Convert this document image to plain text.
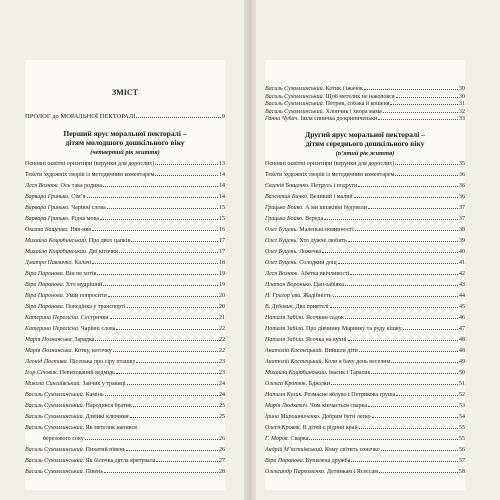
ЗМІСТ
ПРОЛОГ до МОРАЛЬНОЇ ПЕКТОРАЛІ	9
Перший ярус моральної пекторалі –
дітям молодшого дошкільного віку
(четвертий рік життя)
Основні освітні орієнтири (керунки для дорослих)	13
Тексти художніх творів із методичним коментарем	14
Леся Вознюк. Ось така родина	14
Варвара Гринько. Сім’я	14
Варвара Гринько. Чарівні слова	15
Варвара Гринько. Рідна мова	15
Оксана Бащенко. Няв-няв	16
Михайло Коцюбинський. Про двох цапків	17
Михайло Коцюбинський. Дві кіточки	17
Дмитро Павличко. Калачі	18
Віра Паронова. Він не хотів	19
Віра Паронова. Хто мудріший	19
Віра Паронова. Умій попросити	20
Віра Паронова. Поведінка у транспорті	20
Катерина Перелісна. Сестрички	21
Катерина Перелісна. Чарівні слова	22
Марія Познанська. Зарядка	22
Марія Познанська. Котку, коточку	22
Леонід Полтава. Пісенька про сіру пташку	23
Ігор Січовик. Невихований ведмідь	23
Микола Сингаївський. Зайчик у травиці	24
Василь Сухомлинський. Камінь	24
Василь Сухомлинський. Народився братик	25
Василь Сухомлинський. Дзвінкі ключики	25
Василь Сухомлинський. Як метелик напився
березового соку	26
Василь Сухомлинський. Пихатий півень	26
Василь Сухомлинський. Як білочка дятла врятувала	27
Василь Сухомлинський. Півень	28
Василь Сухомлинський. Котик і їжачок	30
Василь Сухомлинський. Щоб метелик не наколовся	30
Василь Сухомлинський. Петрик, собака й кошеня	31
Василь Сухомлинський. Хлопчик і хвора мама	32
Ганна Чубач. Ішла синичка до криниченьки	33
Другий ярус моральної пекторалі –
дітям середнього дошкільного віку
(п’ятий рік життя)
Основні освітні орієнтири (керунки для дорослих)	35
Тексти художніх творів із методичним коментарем	36
Євгенія Бащенко. Петрусь і подруги	36
Валентин Бичко. Великий і малий	36
Грицько Бойко. А ми шпаківні будували	37
Грицько Бойко. Вереда	37
Олег Буцень. Маленькі повинності	38
Олег Буцень. Хто дужче любить	39
Олег Буцень. Ложечка	40
Олег Буцень. Солодкий дощ	41
Леся Вознюк. Абетка ввічливості	42
Платон Воронько. Цап-забіяка	43
Н. Григор’єва. Жадібність	44
В. Дубовик. Два приятелі	45
Наталя Забіла. Ясочкин садок	46
Наталя Забіла. Про дівчинку Маринку та руду кішку	47
Наталя Забіла. Ясочка на кухні	48
Анатолій Костецький. Вийшли діти	48
Анатолій Костецький. Коли я бачу день веселим	49
Михайло Коцюбинський. Івасик і Тарасик	50
Олекса Кротюк. Бджілки	51
Наталя Кулик. Розмасне яблуко і Петрикова груша	52
Марія Людкевич. Чом кінчається сварка	53
Ірина Мирошниченко. Добрим бути легко	54
Олеся Кровяк. В дітей є рідний край	55
Г. Моров. Сварка	55
Андрій М’ястківський. Кому світить сонечко	56
Віра Паронова. Купилена дружба	57
Олександр Пархоменко. Детинкам і Ясеєсам	58
